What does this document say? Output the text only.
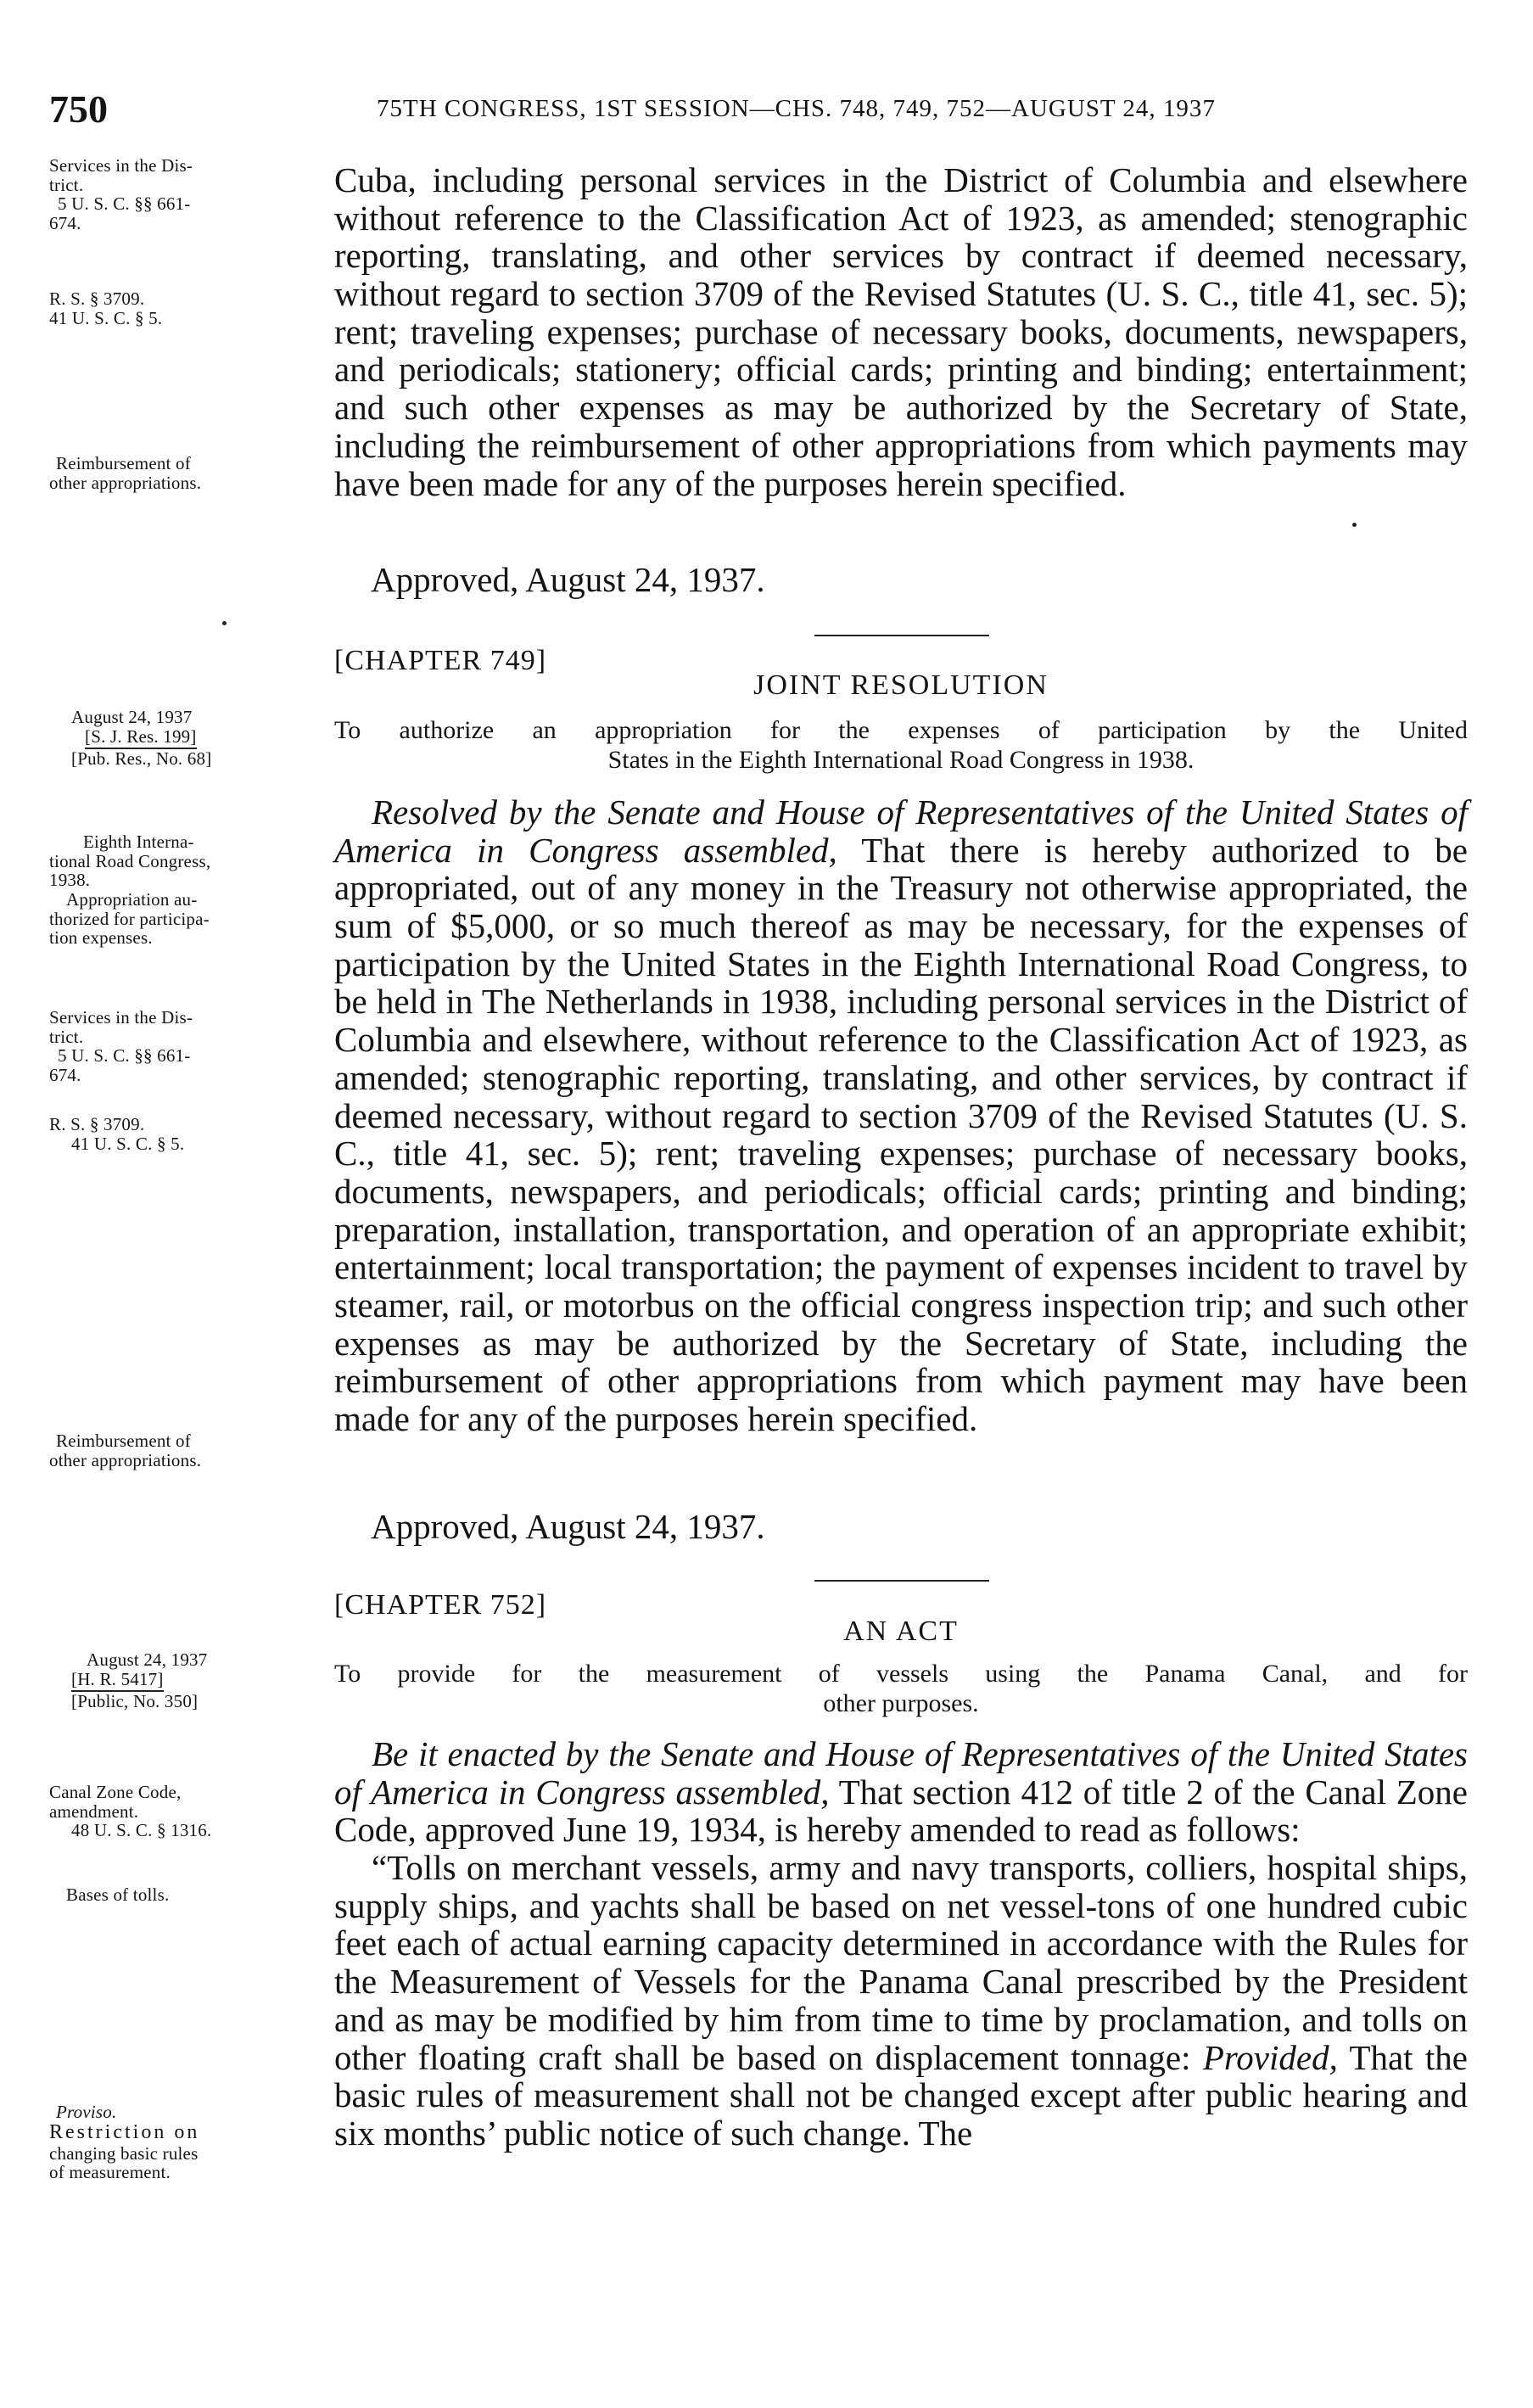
750	75TH CONGRESS, 1ST SESSION—CHS. 748, 749, 752—AUGUST 24, 1937
Services in the Dis-
trict.
5 U. S. C. §§ 661-
674.
R. S. § 3709.
41 U. S. C. § 5.
Reimbursement of
other appropriations.
August 24, 1937
[S. J. Res. 199]
[Pub. Res., No. 68]
Eighth Interna-
tional Road Congress,
1938.
Appropriation au-
thorized for participa-
tion expenses.
Services in the Dis-
trict.
5 U. S. C. §§ 661-
674.
R. S. § 3709.
41 U. S. C. § 5.
Reimbursement of
other appropriations.
August 24, 1937
[H. R. 5417]
[Public, No. 350]
Canal Zone Code,
amendment.
48 U. S. C. § 1316.
Bases of tolls.
Proviso.
Restriction on
changing basic rules
of measurement.

Cuba, including personal services in the District of Columbia and elsewhere without reference to the Classification Act of 1923, as amended; stenographic reporting, translating, and other services by contract if deemed necessary, without regard to section 3709 of the Revised Statutes (U. S. C., title 41, sec. 5); rent; traveling expenses; purchase of necessary books, documents, newspapers, and periodicals; stationery; official cards; printing and binding; entertainment; and such other expenses as may be authorized by the Secretary of State, including the reimbursement of other appropriations from which payments may have been made for any of the purposes herein specified.

Approved, August 24, 1937.
[CHAPTER 749]
JOINT RESOLUTION
To authorize an appropriation for the expenses of participation by the United
States in the Eighth International Road Congress in 1938.

Resolved by the Senate and House of Representatives of the United States of America in Congress assembled, That there is hereby authorized to be appropriated, out of any money in the Treasury not otherwise appropriated, the sum of $5,000, or so much thereof as may be necessary, for the expenses of participation by the United States in the Eighth International Road Congress, to be held in The Netherlands in 1938, including personal services in the District of Columbia and elsewhere, without reference to the Classification Act of 1923, as amended; stenographic reporting, translating, and other services, by contract if deemed necessary, without regard to section 3709 of the Revised Statutes (U. S. C., title 41, sec. 5); rent; traveling expenses; purchase of necessary books, documents, newspapers, and periodicals; official cards; printing and binding; preparation, installation, transportation, and operation of an appropriate exhibit; entertainment; local transportation; the payment of expenses incident to travel by steamer, rail, or motorbus on the official congress inspection trip; and such other expenses as may be authorized by the Secretary of State, including the reimbursement of other appropriations from which payment may have been made for any of the purposes herein specified.

Approved, August 24, 1937.
[CHAPTER 752]
AN ACT
To provide for the measurement of vessels using the Panama Canal, and for
other purposes.

Be it enacted by the Senate and House of Representatives of the United States of America in Congress assembled, That section 412 of title 2 of the Canal Zone Code, approved June 19, 1934, is hereby amended to read as follows:

“Tolls on merchant vessels, army and navy transports, colliers, hospital ships, supply ships, and yachts shall be based on net vessel-tons of one hundred cubic feet each of actual earning capacity determined in accordance with the Rules for the Measurement of Vessels for the Panama Canal prescribed by the President and as may be modified by him from time to time by proclamation, and tolls on other floating craft shall be based on displacement tonnage: Provided, That the basic rules of measurement shall not be changed except after public hearing and six months’ public notice of such change. The
